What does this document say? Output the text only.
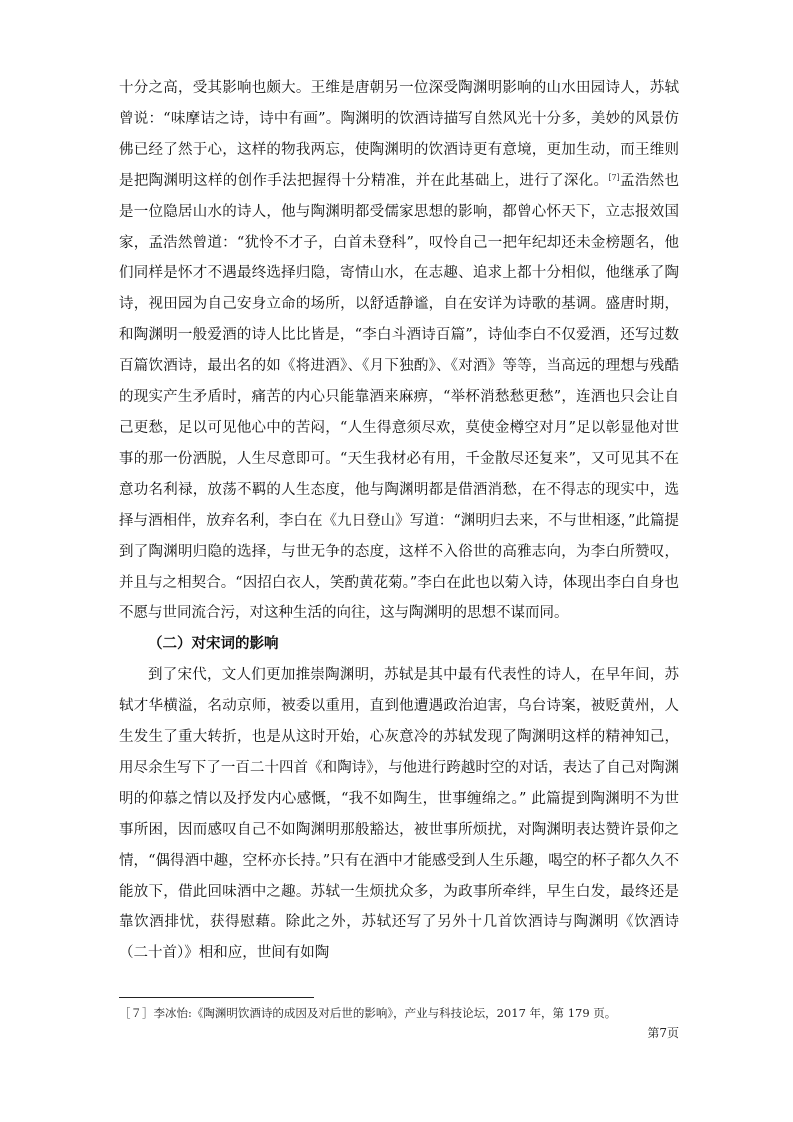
十分之高，受其影响也颇大。王维是唐朝另一位深受陶渊明影响的山水田园诗人，苏轼曾说：“味摩诘之诗，诗中有画”。陶渊明的饮酒诗描写自然风光十分多，美妙的风景仿佛已经了然于心，这样的物我两忘，使陶渊明的饮酒诗更有意境，更加生动，而王维则是把陶渊明这样的创作手法把握得十分精准，并在此基础上，进行了深化。[7]孟浩然也是一位隐居山水的诗人，他与陶渊明都受儒家思想的影响，都曾心怀天下，立志报效国家，孟浩然曾道：“犹怜不才子，白首未登科”，叹怜自己一把年纪却还未金榜题名，他们同样是怀才不遇最终选择归隐，寄情山水，在志趣、追求上都十分相似，他继承了陶诗，视田园为自己安身立命的场所，以舒适静谧，自在安详为诗歌的基调。盛唐时期，和陶渊明一般爱酒的诗人比比皆是，“李白斗酒诗百篇”，诗仙李白不仅爱酒，还写过数百篇饮酒诗，最出名的如《将进酒》、《月下独酌》、《对酒》等等，当高远的理想与残酷的现实产生矛盾时，痛苦的内心只能靠酒来麻痹，“举杯消愁愁更愁”，连酒也只会让自己更愁，足以可见他心中的苦闷，“人生得意须尽欢，莫使金樽空对月”足以彰显他对世事的那一份洒脱，人生尽意即可。“天生我材必有用，千金散尽还复来”，又可见其不在意功名利禄，放荡不羁的人生态度，他与陶渊明都是借酒消愁，在不得志的现实中，选择与酒相伴，放弃名利，李白在《九日登山》写道：“渊明归去来，不与世相逐，”此篇提到了陶渊明归隐的选择，与世无争的态度，这样不入俗世的高雅志向，为李白所赞叹，并且与之相契合。“因招白衣人，笑酌黄花菊。”李白在此也以菊入诗，体现出李白自身也不愿与世同流合污，对这种生活的向往，这与陶渊明的思想不谋而同。

（二）对宋词的影响

到了宋代，文人们更加推崇陶渊明，苏轼是其中最有代表性的诗人，在早年间，苏轼才华横溢，名动京师，被委以重用，直到他遭遇政治迫害，乌台诗案，被贬黄州，人生发生了重大转折，也是从这时开始，心灰意冷的苏轼发现了陶渊明这样的精神知己，用尽余生写下了一百二十四首《和陶诗》，与他进行跨越时空的对话，表达了自己对陶渊明的仰慕之情以及抒发内心感慨，“我不如陶生，世事缠绵之。” 此篇提到陶渊明不为世事所困，因而感叹自己不如陶渊明那般豁达，被世事所烦扰，对陶渊明表达赞许景仰之情，“偶得酒中趣，空杯亦长持。”只有在酒中才能感受到人生乐趣，喝空的杯子都久久不能放下，借此回味酒中之趣。苏轼一生烦扰众多，为政事所牵绊，早生白发，最终还是靠饮酒排忧，获得慰藉。除此之外，苏轼还写了另外十几首饮酒诗与陶渊明《饮酒诗（二十首）》相和应，世间有如陶

［７］李冰怡:《陶渊明饮酒诗的成因及对后世的影响》，产业与科技论坛，2017 年，第 179 页。
第7页
